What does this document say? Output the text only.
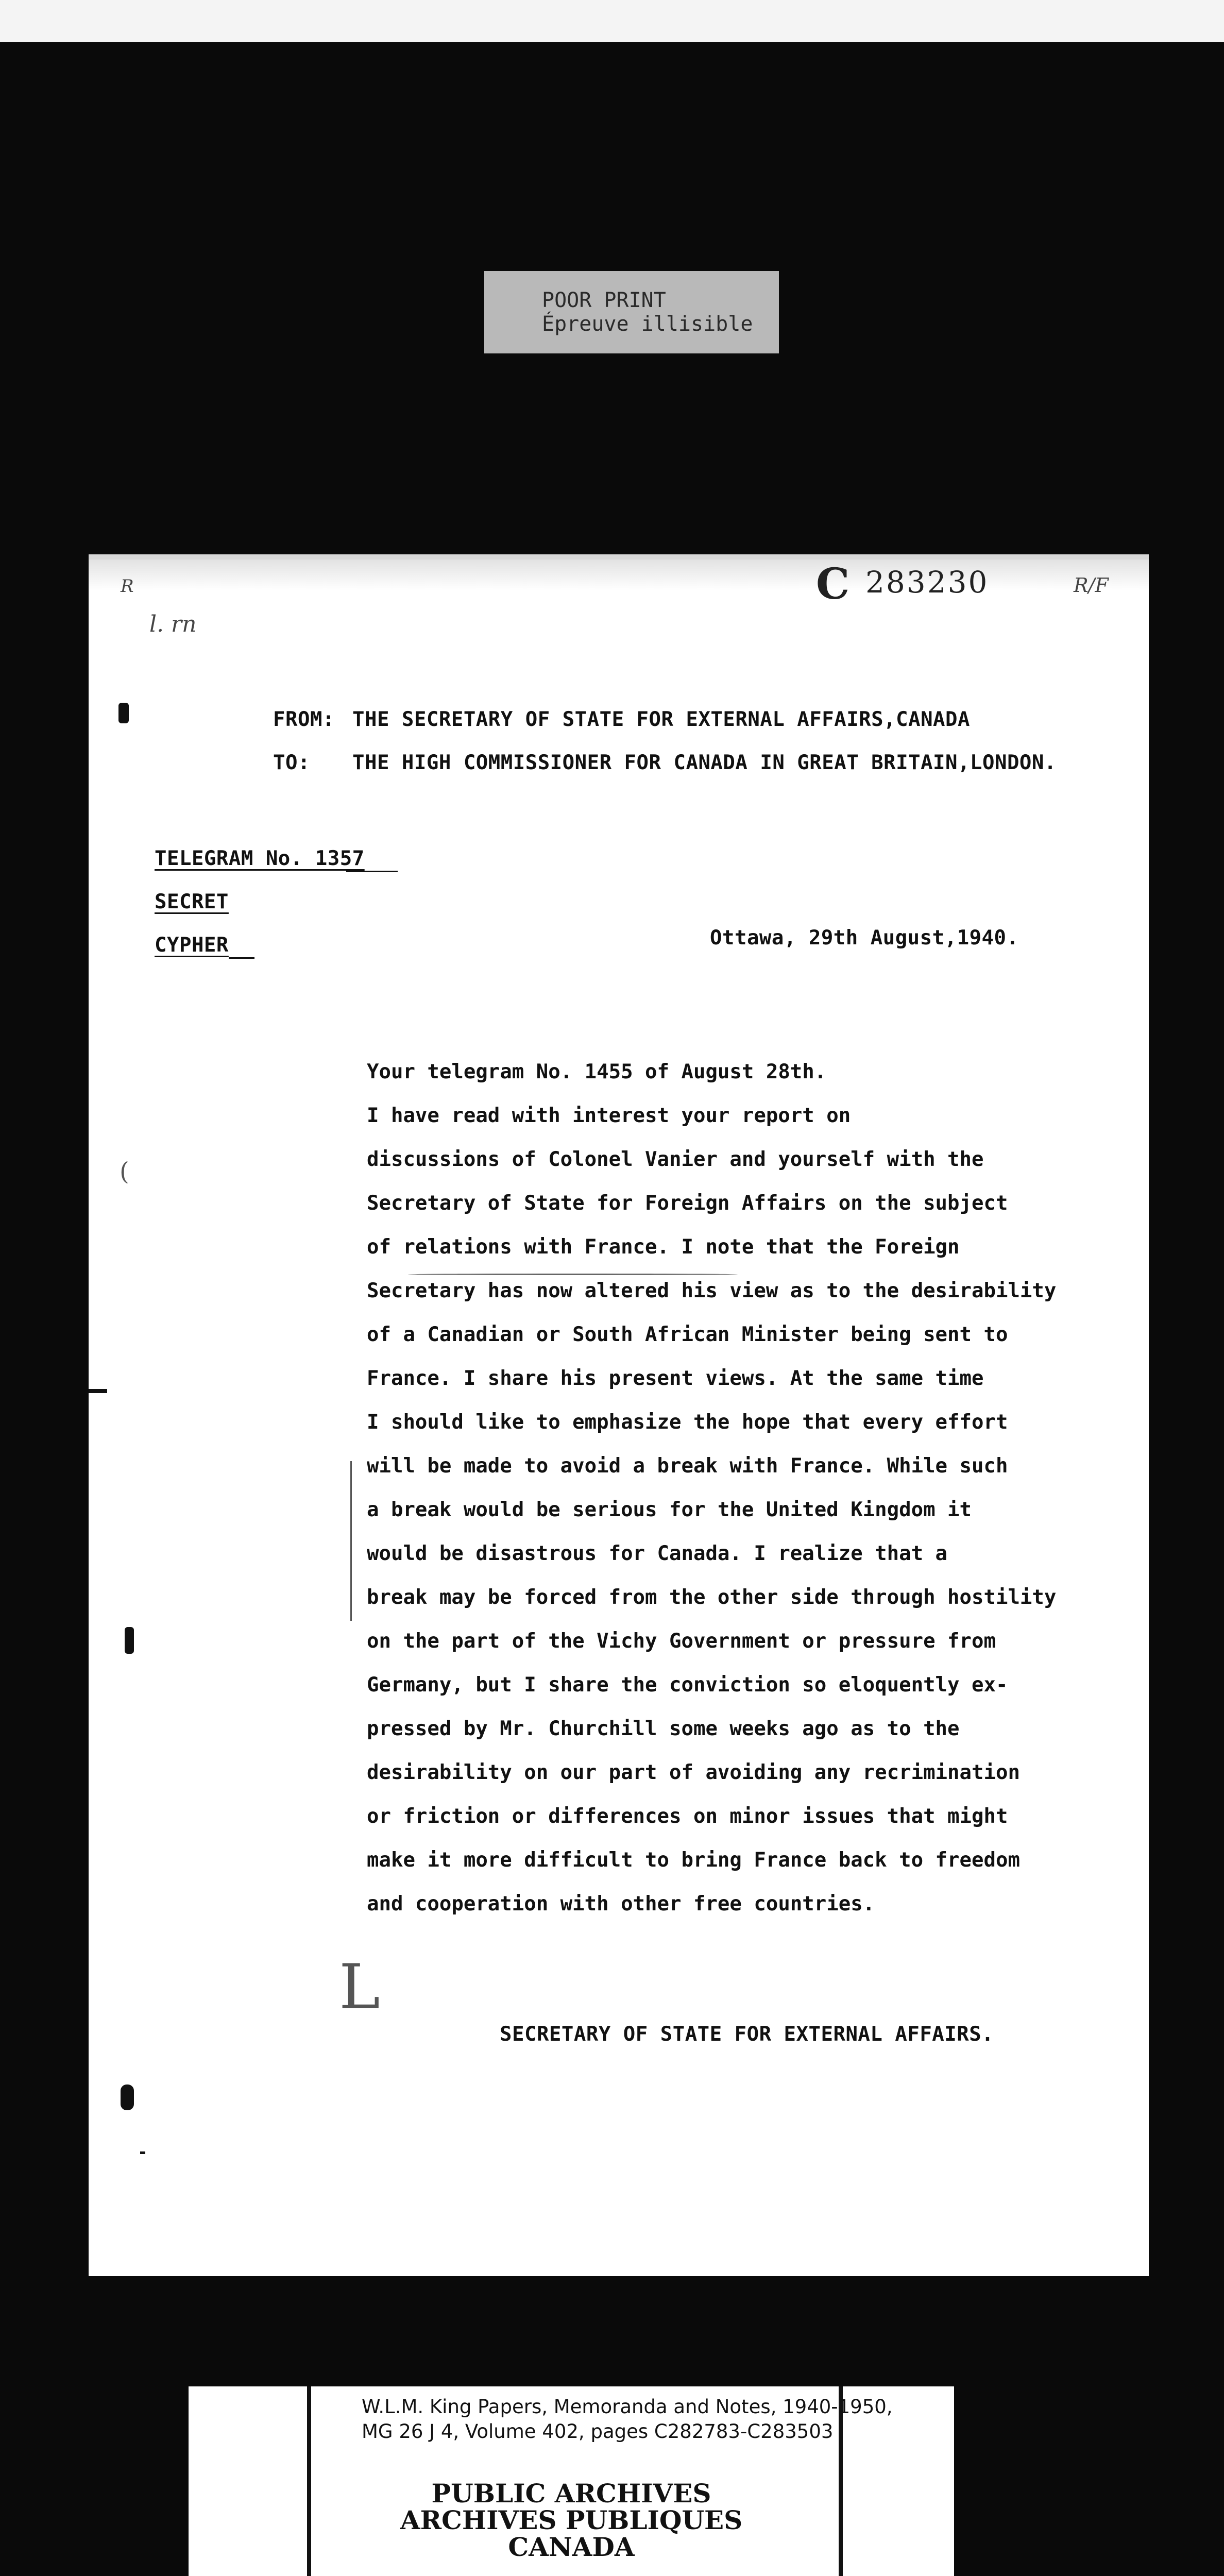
POOR PRINT
Épreuve illisible
R
l. rn
C 283230	R/F
FROM: THE SECRETARY OF STATE FOR EXTERNAL AFFAIRS,CANADA
TO: THE HIGH COMMISSIONER FOR CANADA IN GREAT BRITAIN,LONDON.
TELEGRAM No. 1357
SECRET
CYPHER	Ottawa, 29th August,1940.
(
Your telegram No. 1455 of August 28th.
I have read with interest your report on
discussions of Colonel Vanier and yourself with the
Secretary of State for Foreign Affairs on the subject
of relations with France. I note that the Foreign
Secretary has now altered his view as to the desirability
of a Canadian or South African Minister being sent to
France. I share his present views. At the same time
I should like to emphasize the hope that every effort
will be made to avoid a break with France. While such
a break would be serious for the United Kingdom it
would be disastrous for Canada. I realize that a
break may be forced from the other side through hostility
on the part of the Vichy Government or pressure from
Germany, but I share the conviction so eloquently ex-
pressed by Mr. Churchill some weeks ago as to the
desirability on our part of avoiding any recrimination
or friction or differences on minor issues that might
make it more difficult to bring France back to freedom
and cooperation with other free countries.
L
SECRETARY OF STATE FOR EXTERNAL AFFAIRS.
W.L.M. King Papers, Memoranda and Notes, 1940-1950,
MG 26 J 4, Volume 402, pages C282783-C283503
PUBLIC ARCHIVES
ARCHIVES PUBLIQUES
CANADA
